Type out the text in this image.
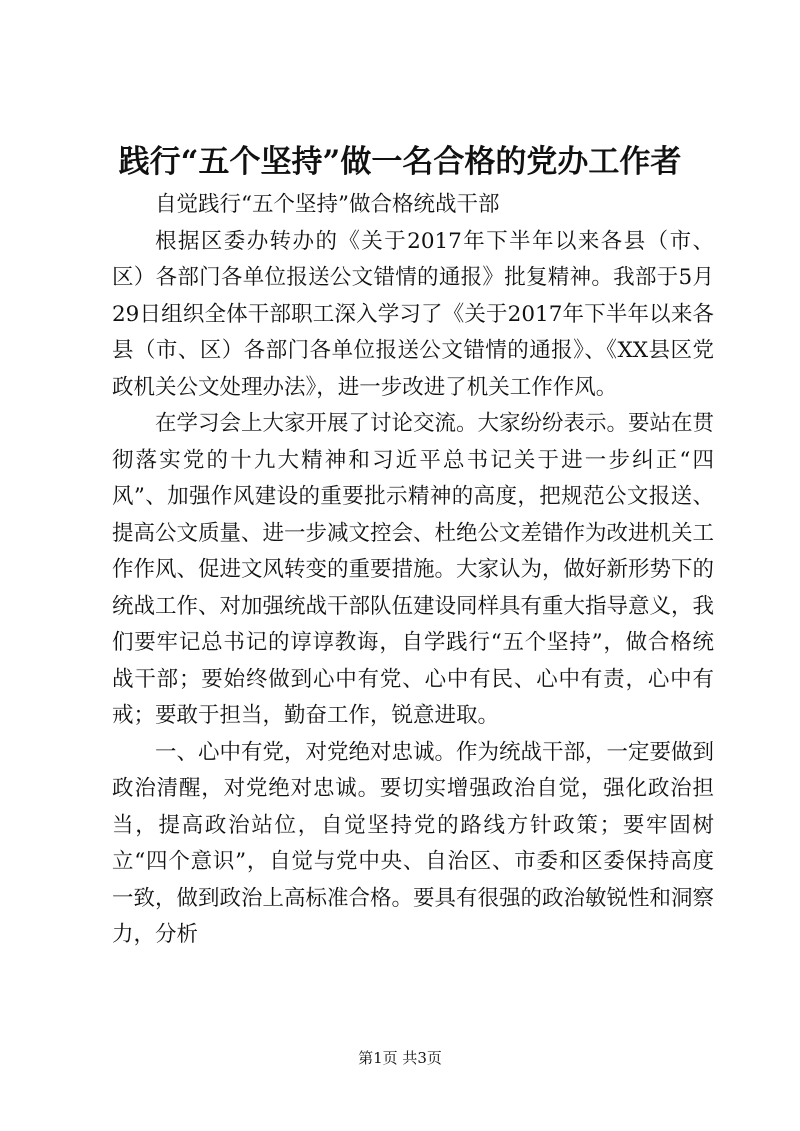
践行“五个坚持”做一名合格的党办工作者

自觉践行“五个坚持”做合格统战干部

根据区委办转办的《关于2017年下半年以来各县（市、区）各部门各单位报送公文错情的通报》批复精神。我部于5月29日组织全体干部职工深入学习了《关于2017年下半年以来各县（市、区）各部门各单位报送公文错情的通报》、《XX县区党政机关公文处理办法》，进一步改进了机关工作作风。

在学习会上大家开展了讨论交流。大家纷纷表示。要站在贯彻落实党的十九大精神和习近平总书记关于进一步纠正“四风”、加强作风建设的重要批示精神的高度，把规范公文报送、提高公文质量、进一步减文控会、杜绝公文差错作为改进机关工作作风、促进文风转变的重要措施。大家认为，做好新形势下的统战工作、对加强统战干部队伍建设同样具有重大指导意义，我们要牢记总书记的谆谆教诲，自学践行“五个坚持”，做合格统战干部；要始终做到心中有党、心中有民、心中有责，心中有戒；要敢于担当，勤奋工作，锐意进取。

一、心中有党，对党绝对忠诚。作为统战干部，一定要做到政治清醒，对党绝对忠诚。要切实增强政治自觉，强化政治担当，提高政治站位，自觉坚持党的路线方针政策；要牢固树立“四个意识”，自觉与党中央、自治区、市委和区委保持高度一致，做到政治上高标准合格。要具有很强的政治敏锐性和洞察力，分析

第1页 共3页
